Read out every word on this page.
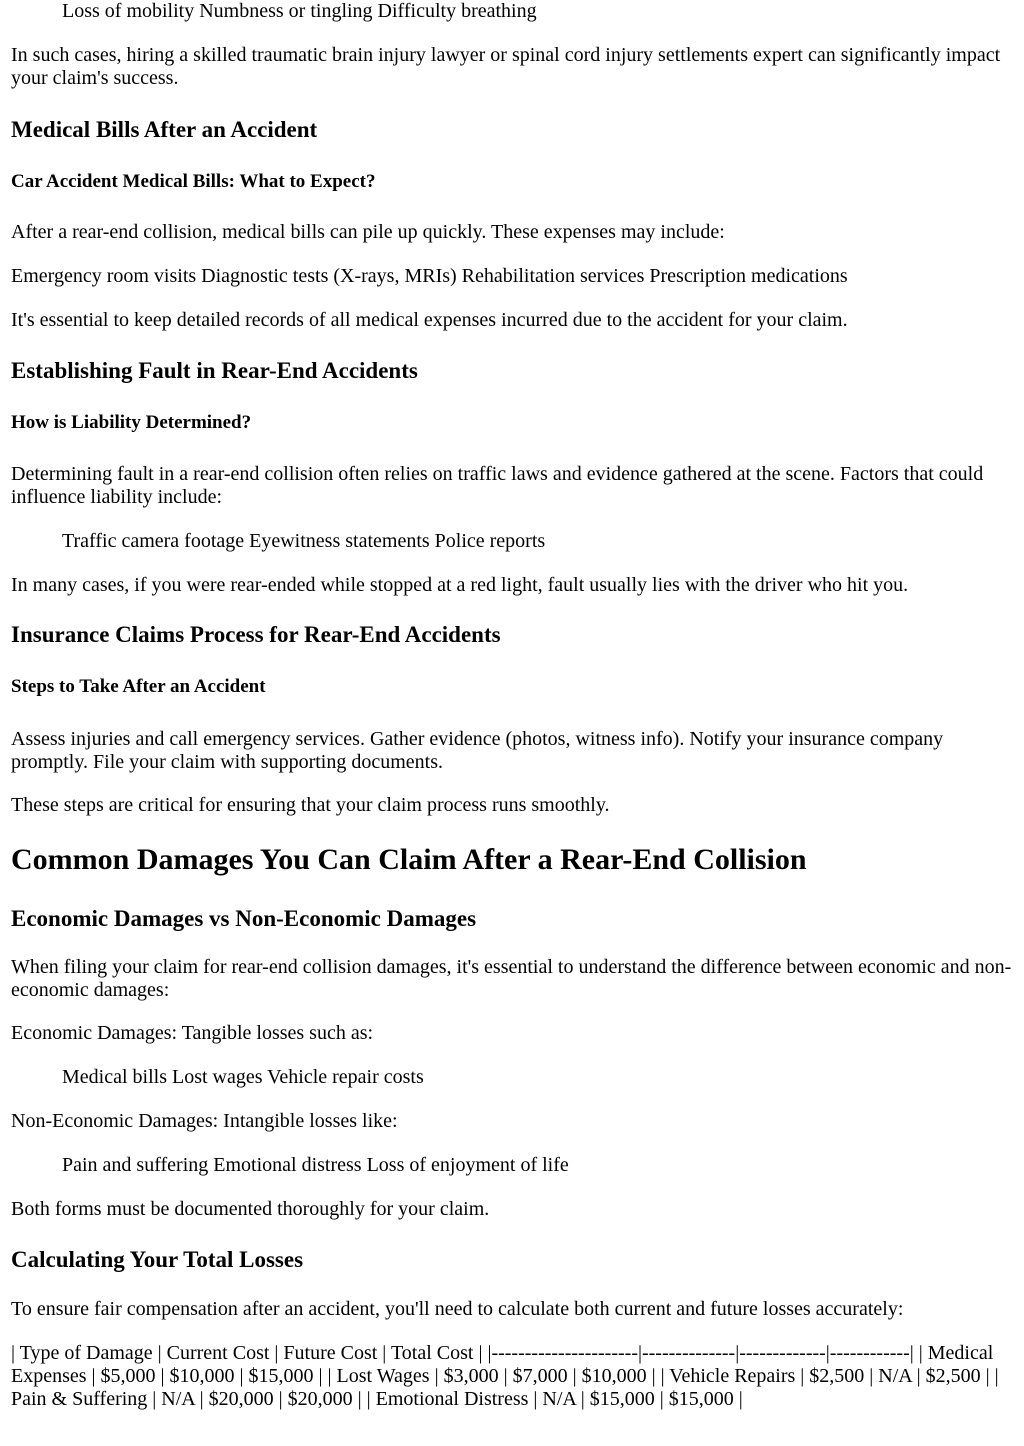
Loss of mobility Numbness or tingling Difficulty breathing

In such cases, hiring a skilled traumatic brain injury lawyer or spinal cord injury settlements expert can significantly impact your claim's success.

Medical Bills After an Accident
Car Accident Medical Bills: What to Expect?

After a rear-end collision, medical bills can pile up quickly. These expenses may include:

Emergency room visits Diagnostic tests (X-rays, MRIs) Rehabilitation services Prescription medications

It's essential to keep detailed records of all medical expenses incurred due to the accident for your claim.

Establishing Fault in Rear-End Accidents
How is Liability Determined?

Determining fault in a rear-end collision often relies on traffic laws and evidence gathered at the scene. Factors that could influence liability include:

Traffic camera footage Eyewitness statements Police reports

In many cases, if you were rear-ended while stopped at a red light, fault usually lies with the driver who hit you.

Insurance Claims Process for Rear-End Accidents
Steps to Take After an Accident

Assess injuries and call emergency services. Gather evidence (photos, witness info). Notify your insurance company promptly. File your claim with supporting documents.

These steps are critical for ensuring that your claim process runs smoothly.

Common Damages You Can Claim After a Rear-End Collision
Economic Damages vs Non-Economic Damages

When filing your claim for rear-end collision damages, it's essential to understand the difference between economic and non-economic damages:

Economic Damages: Tangible losses such as:

Medical bills Lost wages Vehicle repair costs

Non-Economic Damages: Intangible losses like:

Pain and suffering Emotional distress Loss of enjoyment of life

Both forms must be documented thoroughly for your claim.

Calculating Your Total Losses

To ensure fair compensation after an accident, you'll need to calculate both current and future losses accurately:

| Type of Damage | Current Cost | Future Cost | Total Cost | |----------------------|--------------|-------------|------------| | Medical Expenses | $5,000 | $10,000 | $15,000 | | Lost Wages | $3,000 | $7,000 | $10,000 | | Vehicle Repairs | $2,500 | N/A | $2,500 | | Pain & Suffering | N/A | $20,000 | $20,000 | | Emotional Distress | N/A | $15,000 | $15,000 |
